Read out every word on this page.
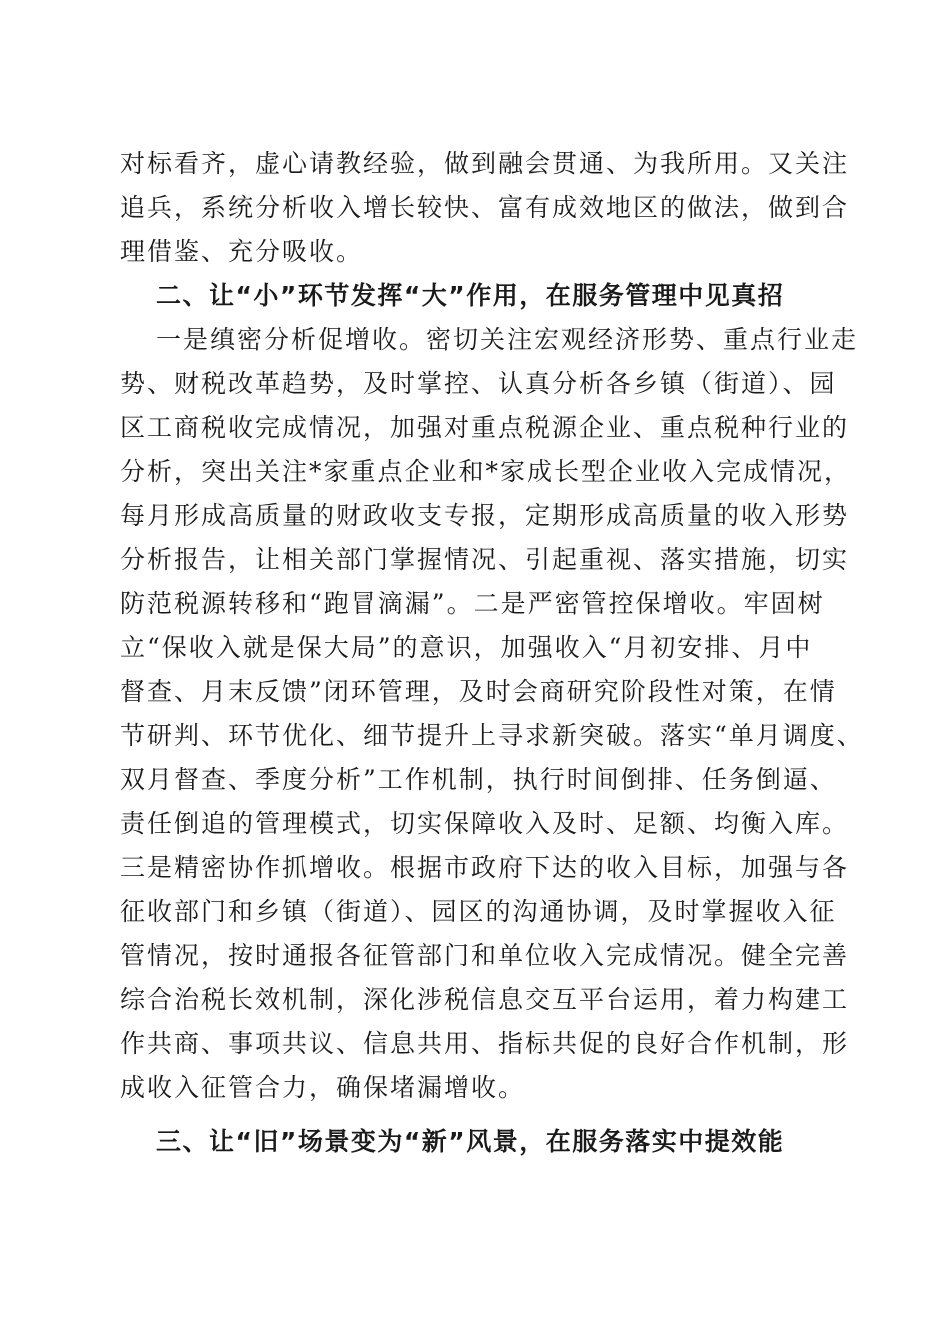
对标看齐，虚心请教经验，做到融会贯通、为我所用。又关注
追兵，系统分析收入增长较快、富有成效地区的做法，做到合
理借鉴、充分吸收。
二、让“小”环节发挥“大”作用，在服务管理中见真招
一是缜密分析促增收。密切关注宏观经济形势、重点行业走
势、财税改革趋势，及时掌控、认真分析各乡镇（街道）、园
区工商税收完成情况，加强对重点税源企业、重点税种行业的
分析，突出关注*家重点企业和*家成长型企业收入完成情况，
每月形成高质量的财政收支专报，定期形成高质量的收入形势
分析报告，让相关部门掌握情况、引起重视、落实措施，切实
防范税源转移和“跑冒滴漏”。二是严密管控保增收。牢固树
立“保收入就是保大局”的意识，加强收入“月初安排、月中
督查、月末反馈”闭环管理，及时会商研究阶段性对策，在情
节研判、环节优化、细节提升上寻求新突破。落实“单月调度、
双月督查、季度分析”工作机制，执行时间倒排、任务倒逼、
责任倒追的管理模式，切实保障收入及时、足额、均衡入库。
三是精密协作抓增收。根据市政府下达的收入目标，加强与各
征收部门和乡镇（街道）、园区的沟通协调，及时掌握收入征
管情况，按时通报各征管部门和单位收入完成情况。健全完善
综合治税长效机制，深化涉税信息交互平台运用，着力构建工
作共商、事项共议、信息共用、指标共促的良好合作机制，形
成收入征管合力，确保堵漏增收。
三、让“旧”场景变为“新”风景，在服务落实中提效能
